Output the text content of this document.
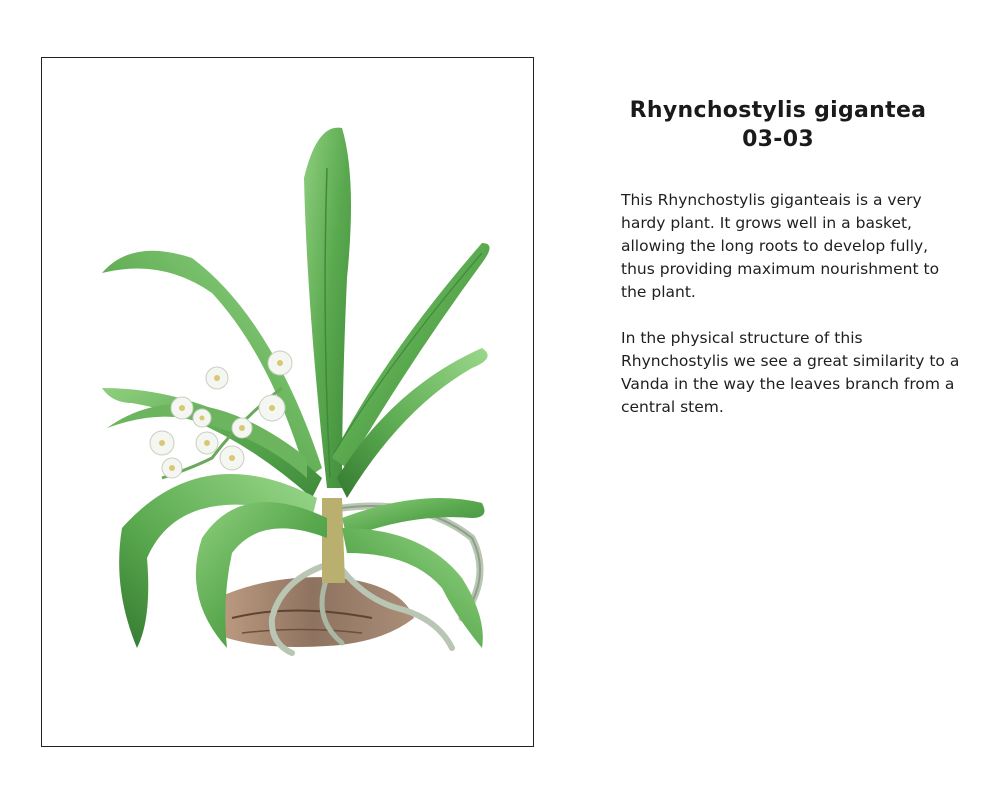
Rhynchostylis gigantea
03-03

This Rhynchostylis giganteais is a very hardy plant. It grows well in a basket, allowing the long roots to develop fully, thus providing maximum nourishment to the plant.

In the physical structure of this Rhynchostylis we see a great similarity to a Vanda in the way the leaves branch from a central stem.
